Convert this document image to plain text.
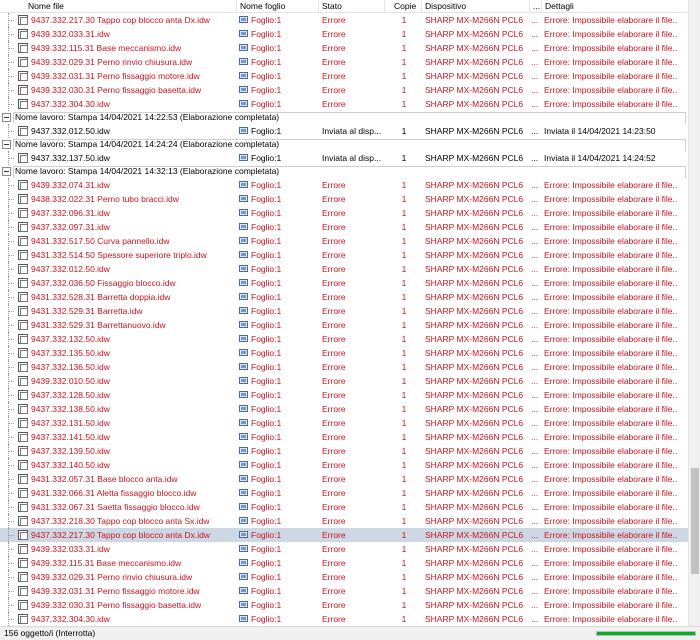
Nome file	Nome foglio	Stato	Copie	Dispositivo	... Dettagli
9437.332.217.30 Tappo cop blocco anta Dx.idw	Foglio:1	Errore	1	SHARP MX-M266N PCL6 ... Errore: Impossibile elaborare il file..
9439.332.033.31.idw	Foglio:1	Errore	1	SHARP MX-M266N PCL6 ... Errore: Impossibile elaborare il file..
9439.332.115.31 Base meccanismo.idw	Foglio:1	Errore	1	SHARP MX-M266N PCL6 ... Errore: Impossibile elaborare il file..
9439.332.029.31 Perno rinvio chiusura.idw	Foglio:1	Errore	1	SHARP MX-M266N PCL6 ... Errore: Impossibile elaborare il file..
9439.332.031.31 Perno fissaggio motore.idw	Foglio:1	Errore	1	SHARP MX-M266N PCL6 ... Errore: Impossibile elaborare il file..
9439.332.030.31 Perno fissaggio basetta.idw	Foglio:1	Errore	1	SHARP MX-M266N PCL6 ... Errore: Impossibile elaborare il file..
9437.332.304.30.idw	Foglio:1	Errore	1	SHARP MX-M266N PCL6 ... Errore: Impossibile elaborare il file..
Nome lavoro: Stampa 14/04/2021 14:22:53 (Elaborazione completata)
9437.332.012.50.idw	Foglio:1	Inviata al disp...	1	SHARP MX-M266N PCL6 ... Inviata il 14/04/2021 14:23:50
Nome lavoro: Stampa 14/04/2021 14:24:24 (Elaborazione completata)
9437.332.137.50.idw	Foglio:1	Inviata al disp...	1	SHARP MX-M266N PCL6 ... Inviata il 14/04/2021 14:24:52
Nome lavoro: Stampa 14/04/2021 14:32:13 (Elaborazione completata)
9439.332.074.31.idw	Foglio:1	Errore	1	SHARP MX-M266N PCL6 ... Errore: Impossibile elaborare il file..
9438.332.022.31 Perno tubo bracci.idw	Foglio:1	Errore	1	SHARP MX-M266N PCL6 ... Errore: Impossibile elaborare il file..
9437.332.096.31.idw	Foglio:1	Errore	1	SHARP MX-M266N PCL6 ... Errore: Impossibile elaborare il file..
9437.332.097.31.idw	Foglio:1	Errore	1	SHARP MX-M266N PCL6 ... Errore: Impossibile elaborare il file..
9431.332.517.50 Curva pannello.idw	Foglio:1	Errore	1	SHARP MX-M266N PCL6 ... Errore: Impossibile elaborare il file..
9431.332.514.50 Spessore superiore triplo.idw	Foglio:1	Errore	1	SHARP MX-M266N PCL6 ... Errore: Impossibile elaborare il file..
9437.332.012.50.idw	Foglio:1	Errore	1	SHARP MX-M266N PCL6 ... Errore: Impossibile elaborare il file..
9437.332.036.50 Fissaggio blocco.idw	Foglio:1	Errore	1	SHARP MX-M266N PCL6 ... Errore: Impossibile elaborare il file..
9431.332.528.31 Barretta doppia.idw	Foglio:1	Errore	1	SHARP MX-M266N PCL6 ... Errore: Impossibile elaborare il file..
9431.332.529.31 Barretta.idw	Foglio:1	Errore	1	SHARP MX-M266N PCL6 ... Errore: Impossibile elaborare il file..
9431.332.529.31 Barrettanuovo.idw	Foglio:1	Errore	1	SHARP MX-M266N PCL6 ... Errore: Impossibile elaborare il file..
9437.332.132.50.idw	Foglio:1	Errore	1	SHARP MX-M266N PCL6 ... Errore: Impossibile elaborare il file..
9437.332.135.50.idw	Foglio:1	Errore	1	SHARP MX-M266N PCL6 ... Errore: Impossibile elaborare il file..
9437.332.136.50.idw	Foglio:1	Errore	1	SHARP MX-M266N PCL6 ... Errore: Impossibile elaborare il file..
9439.332.010.50.idw	Foglio:1	Errore	1	SHARP MX-M266N PCL6 ... Errore: Impossibile elaborare il file..
9437.332.128.50.idw	Foglio:1	Errore	1	SHARP MX-M266N PCL6 ... Errore: Impossibile elaborare il file..
9437.332.138.50.idw	Foglio:1	Errore	1	SHARP MX-M266N PCL6 ... Errore: Impossibile elaborare il file..
9437.332.131.50.idw	Foglio:1	Errore	1	SHARP MX-M266N PCL6 ... Errore: Impossibile elaborare il file..
9437.332.141.50.idw	Foglio:1	Errore	1	SHARP MX-M266N PCL6 ... Errore: Impossibile elaborare il file..
9437.332.139.50.idw	Foglio:1	Errore	1	SHARP MX-M266N PCL6 ... Errore: Impossibile elaborare il file..
9437.332.140.50.idw	Foglio:1	Errore	1	SHARP MX-M266N PCL6 ... Errore: Impossibile elaborare il file..
9431.332.057.31 Base blocco anta.idw	Foglio:1	Errore	1	SHARP MX-M266N PCL6 ... Errore: Impossibile elaborare il file..
9431.332.066.31 Aletta fissaggio blocco.idw	Foglio:1	Errore	1	SHARP MX-M266N PCL6 ... Errore: Impossibile elaborare il file..
9431.332.067.31 Saetta fissaggio blocco.idw	Foglio:1	Errore	1	SHARP MX-M266N PCL6 ... Errore: Impossibile elaborare il file..
9437.332.218.30 Tappo cop blocco anta Sx.idw	Foglio:1	Errore	1	SHARP MX-M266N PCL6 ... Errore: Impossibile elaborare il file..
9437.332.217.30 Tappo cop blocco anta Dx.idw	Foglio:1	Errore	1	SHARP MX-M266N PCL6 ... Errore: Impossibile elaborare il file..
9439.332.033.31.idw	Foglio:1	Errore	1	SHARP MX-M266N PCL6 ... Errore: Impossibile elaborare il file..
9439.332.115.31 Base meccanismo.idw	Foglio:1	Errore	1	SHARP MX-M266N PCL6 ... Errore: Impossibile elaborare il file..
9439.332.029.31 Perno rinvio chiusura.idw	Foglio:1	Errore	1	SHARP MX-M266N PCL6 ... Errore: Impossibile elaborare il file..
9439.332.031.31 Perno fissaggio motore.idw	Foglio:1	Errore	1	SHARP MX-M266N PCL6 ... Errore: Impossibile elaborare il file..
9439.332.030.31 Perno fissaggio basetta.idw	Foglio:1	Errore	1	SHARP MX-M266N PCL6 ... Errore: Impossibile elaborare il file..
9437.332.304.30.idw	Foglio:1	Errore	1	SHARP MX-M266N PCL6 ... Errore: Impossibile elaborare il file..
156 oggetto/i (Interrotta)
